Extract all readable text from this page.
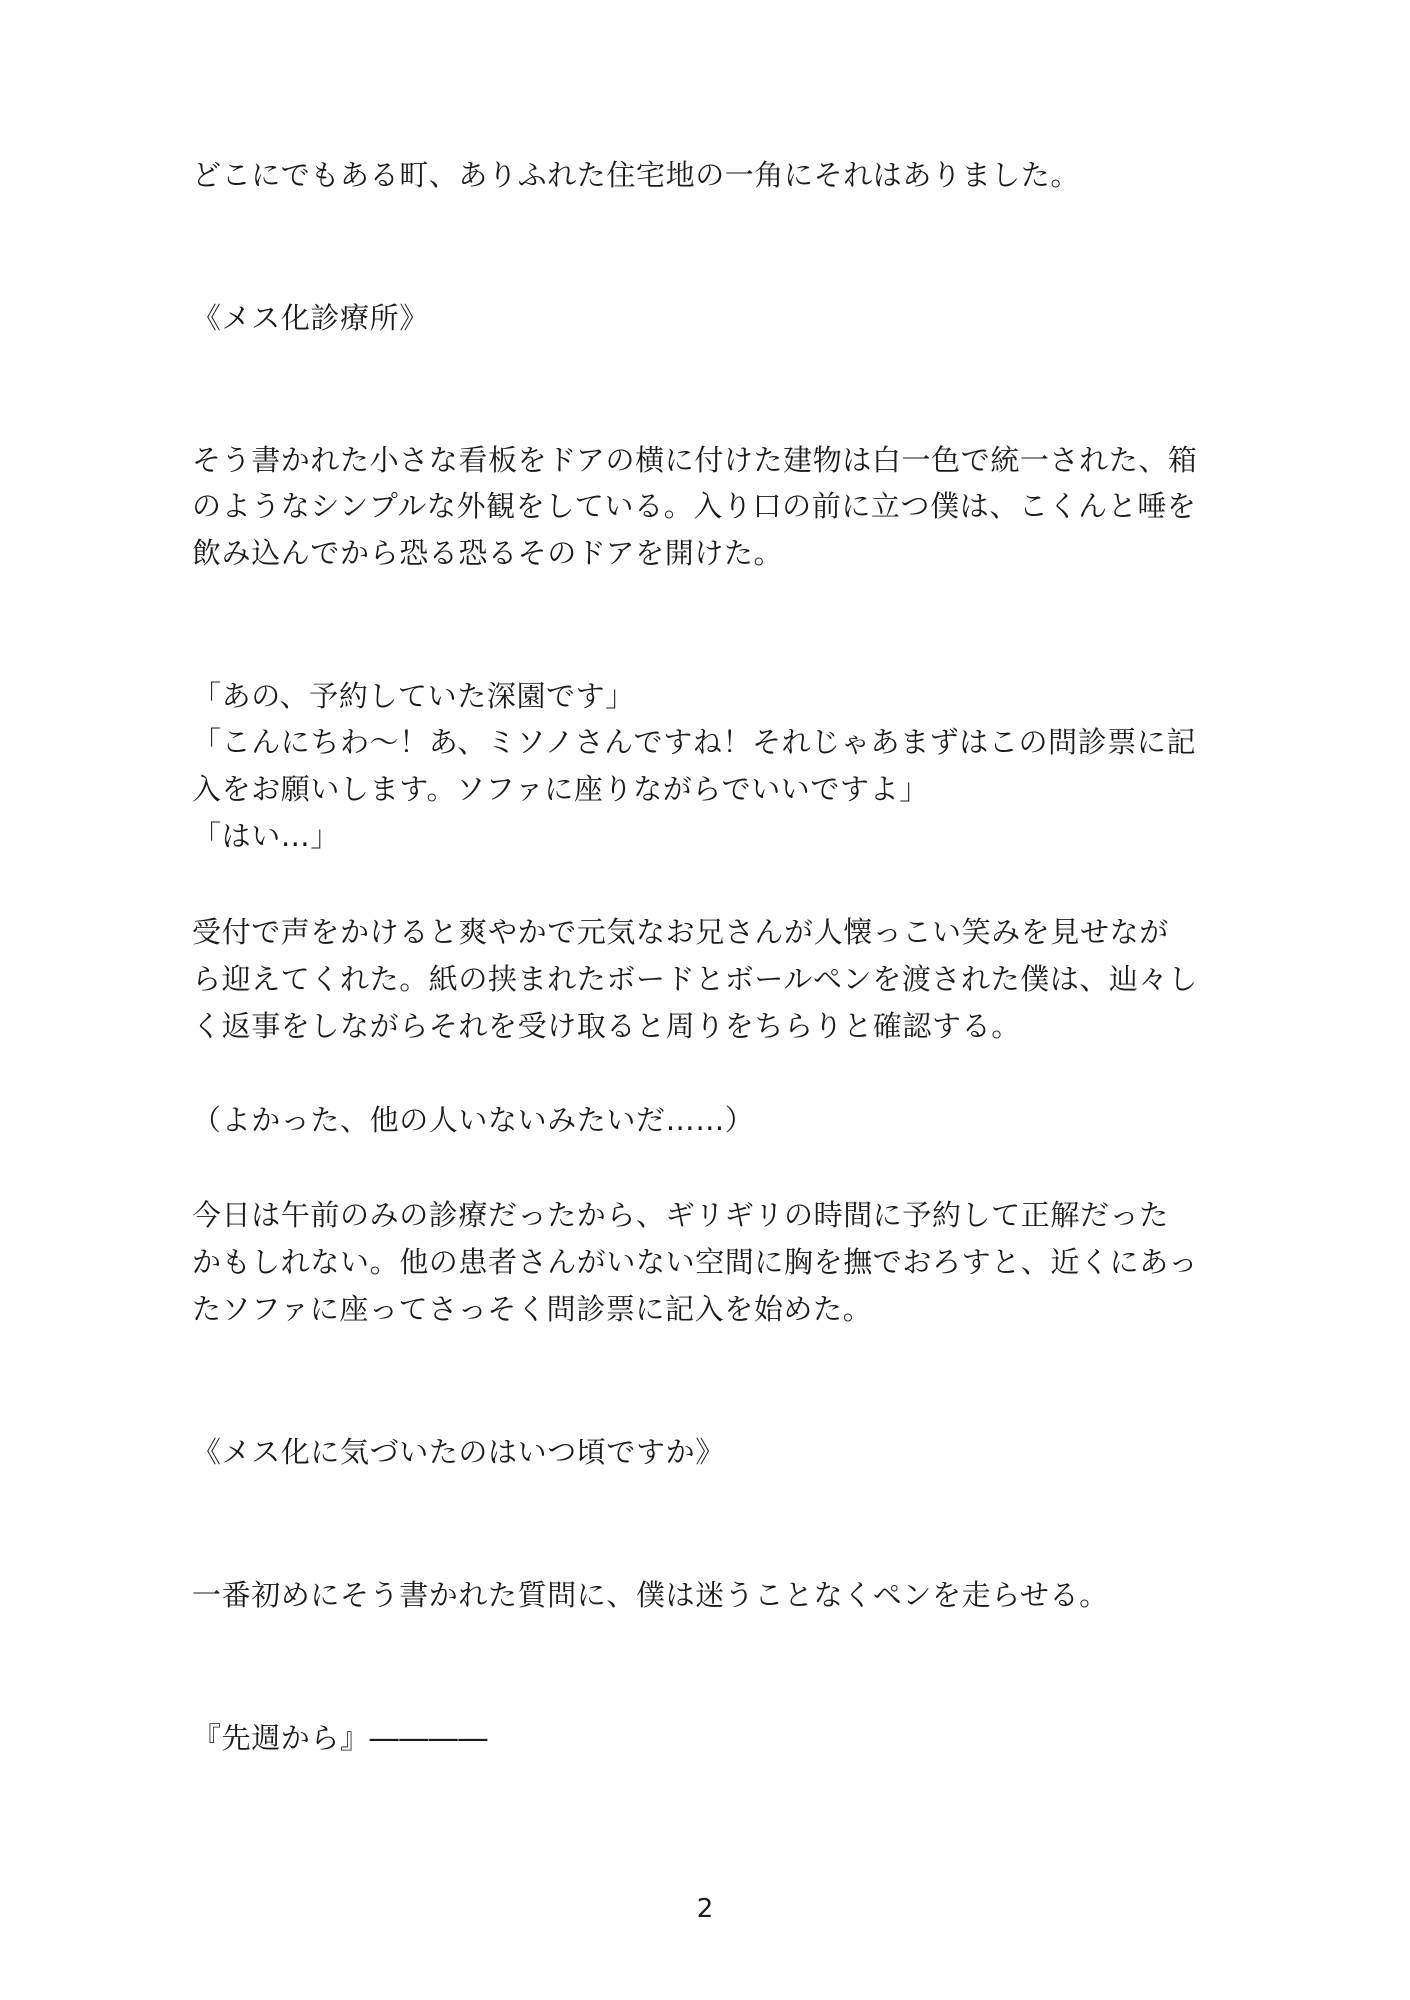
どこにでもある町、ありふれた住宅地の一角にそれはありました。
《メス化診療所》
そう書かれた小さな看板をドアの横に付けた建物は白一色で統一された、箱
のようなシンプルな外観をしている。入り口の前に立つ僕は、こくんと唾を
飲み込んでから恐る恐るそのドアを開けた。
「あの、予約していた深園です」
「こんにちわ〜！あ、ミソノさんですね！それじゃあまずはこの問診票に記
入をお願いします。ソファに座りながらでいいですよ」
「はい…」
受付で声をかけると爽やかで元気なお兄さんが人懐っこい笑みを見せなが
ら迎えてくれた。紙の挟まれたボードとボールペンを渡された僕は、辿々し
く返事をしながらそれを受け取ると周りをちらりと確認する。
（よかった、他の人いないみたいだ……）
今日は午前のみの診療だったから、ギリギリの時間に予約して正解だった
かもしれない。他の患者さんがいない空間に胸を撫でおろすと、近くにあっ
たソファに座ってさっそく問診票に記入を始めた。
《メス化に気づいたのはいつ頃ですか》
一番初めにそう書かれた質問に、僕は迷うことなくペンを走らせる。
『先週から』――――
2
